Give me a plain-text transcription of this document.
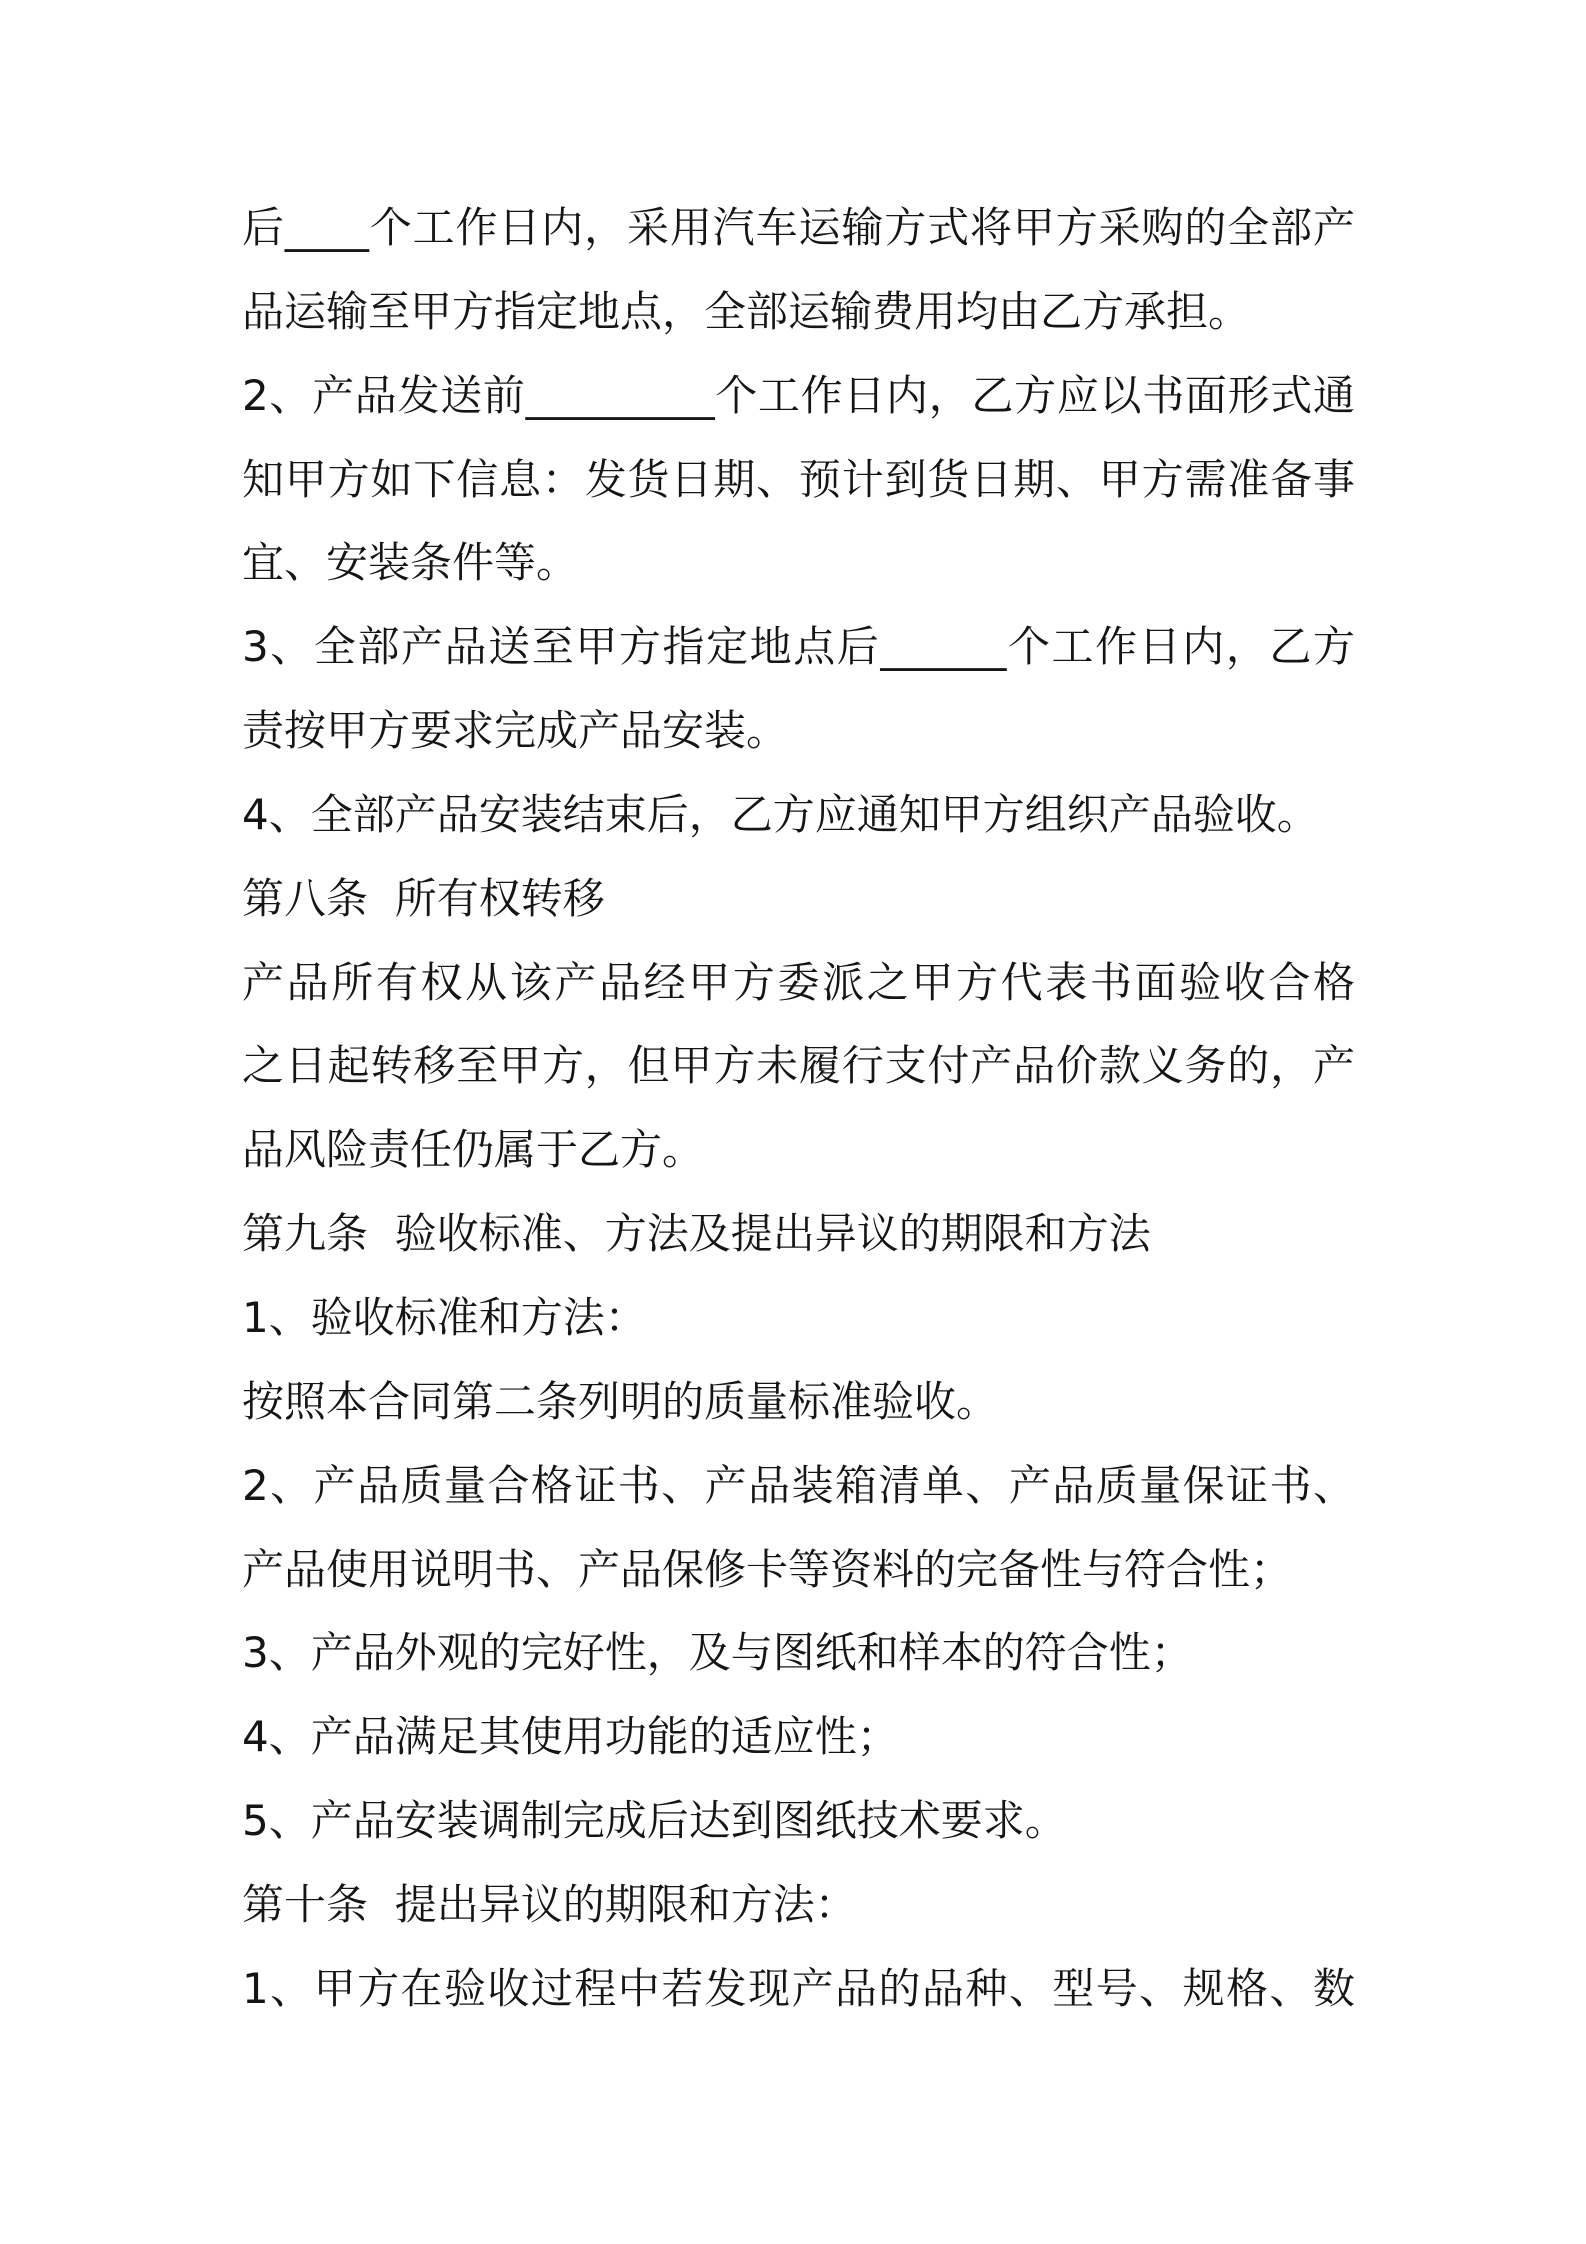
后____个工作日内，采用汽车运输方式将甲方采购的全部产
品运输至甲方指定地点，全部运输费用均由乙方承担。
2、产品发送前_________个工作日内，乙方应以书面形式通
知甲方如下信息：发货日期、预计到货日期、甲方需准备事
宜、安装条件等。
3、全部产品送至甲方指定地点后______个工作日内，乙方
责按甲方要求完成产品安装。
4、全部产品安装结束后，乙方应通知甲方组织产品验收。
第八条  所有权转移
产品所有权从该产品经甲方委派之甲方代表书面验收合格
之日起转移至甲方，但甲方未履行支付产品价款义务的，产
品风险责任仍属于乙方。
第九条  验收标准、方法及提出异议的期限和方法
1、验收标准和方法：
按照本合同第二条列明的质量标准验收。
2、产品质量合格证书、产品装箱清单、产品质量保证书、
产品使用说明书、产品保修卡等资料的完备性与符合性；
3、产品外观的完好性，及与图纸和样本的符合性；
4、产品满足其使用功能的适应性；
5、产品安装调制完成后达到图纸技术要求。
第十条  提出异议的期限和方法：
1、甲方在验收过程中若发现产品的品种、型号、规格、数
